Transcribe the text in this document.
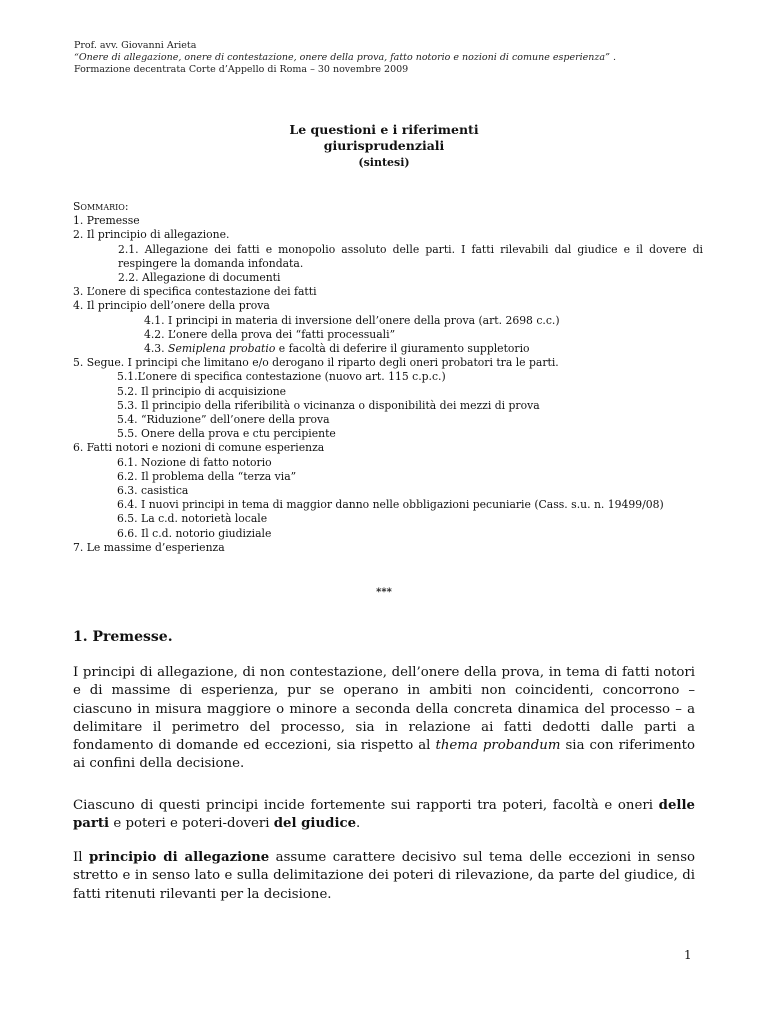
Prof. avv. Giovanni Arieta
“Onere di allegazione, onere di contestazione, onere della prova, fatto notorio e nozioni di comune esperienza” .
Formazione decentrata Corte d’Appello di Roma – 30 novembre 2009
Le questioni e i riferimenti
giurisprudenziali
(sintesi)
Sommario:
1. Premesse
2. Il principio di allegazione.
2.1. Allegazione dei fatti e monopolio assoluto delle parti. I fatti rilevabili dal giudice e il dovere di respingere la domanda infondata.
2.2. Allegazione di documenti
3. L’onere di specifica contestazione dei fatti
4. Il principio dell’onere della prova
4.1. I principi in materia di inversione dell’onere della prova (art. 2698 c.c.)
4.2. L’onere della prova dei “fatti processuali”
4.3. Semiplena probatio e facoltà di deferire il giuramento suppletorio
5. Segue. I principi che limitano e/o derogano il riparto degli oneri probatori tra le parti.
5.1.L’onere di specifica contestazione (nuovo art. 115 c.p.c.)
5.2. Il principio di acquisizione
5.3. Il principio della riferibilità o vicinanza o disponibilità dei mezzi di prova
5.4. “Riduzione” dell’onere della prova
5.5. Onere della prova e ctu percipiente
6. Fatti notori e nozioni di comune esperienza
6.1. Nozione di fatto notorio
6.2. Il problema della “terza via”
6.3. casistica
6.4. I nuovi principi in tema di maggior danno nelle obbligazioni pecuniarie (Cass. s.u. n. 19499/08)
6.5. La c.d. notorietà locale
6.6. Il c.d. notorio giudiziale
7. Le massime d’esperienza
***
1. Premesse.
I principi di allegazione, di non contestazione, dell’onere della prova, in tema di fatti notori e di massime di esperienza, pur se operano in ambiti non coincidenti, concorrono – ciascuno in misura maggiore o minore a seconda della concreta dinamica del processo – a delimitare il perimetro del processo, sia in relazione ai fatti dedotti dalle parti a fondamento di domande ed eccezioni, sia rispetto al thema probandum sia con riferimento ai confini della decisione.
Ciascuno di questi principi incide fortemente sui rapporti tra poteri, facoltà e oneri delle parti e poteri e poteri-doveri del giudice.
Il principio di allegazione assume carattere decisivo sul tema delle eccezioni in senso stretto e in senso lato e sulla delimitazione dei poteri di rilevazione, da parte del giudice, di fatti ritenuti rilevanti per la decisione.
1
